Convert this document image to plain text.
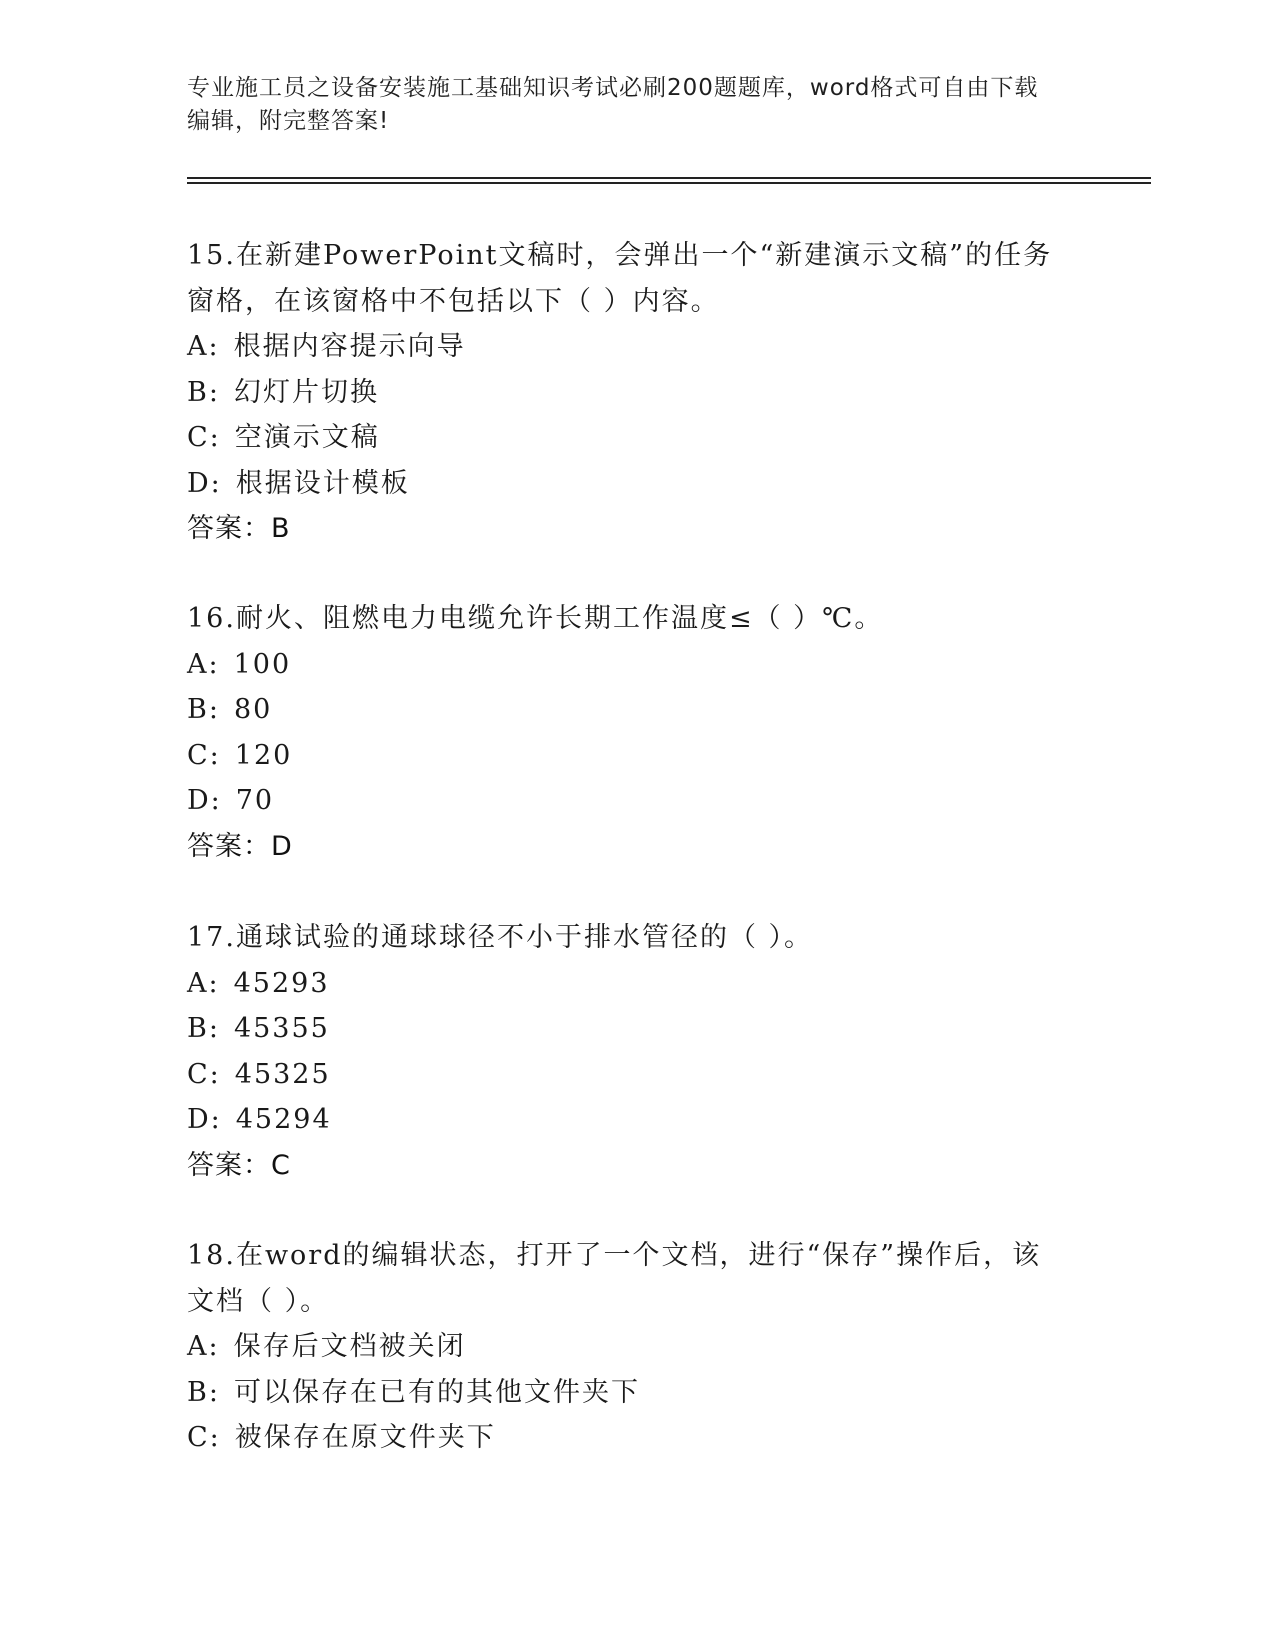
专业施工员之设备安装施工基础知识考试必刷200题题库，word格式可自由下载
编辑，附完整答案!
15.在新建PowerPoint文稿时，会弹出一个“新建演示文稿”的任务
窗格，在该窗格中不包括以下（ ）内容。
A: 根据内容提示向导
B: 幻灯片切换
C: 空演示文稿
D: 根据设计模板
答案：B
16.耐火、阻燃电力电缆允许长期工作温度≤（ ）℃。
A: 100
B: 80
C: 120
D: 70
答案：D
17.通球试验的通球球径不小于排水管径的（ ）。
A: 45293
B: 45355
C: 45325
D: 45294
答案：C
18.在word的编辑状态，打开了一个文档，进行“保存”操作后，该
文档（ ）。
A: 保存后文档被关闭
B: 可以保存在已有的其他文件夹下
C: 被保存在原文件夹下
